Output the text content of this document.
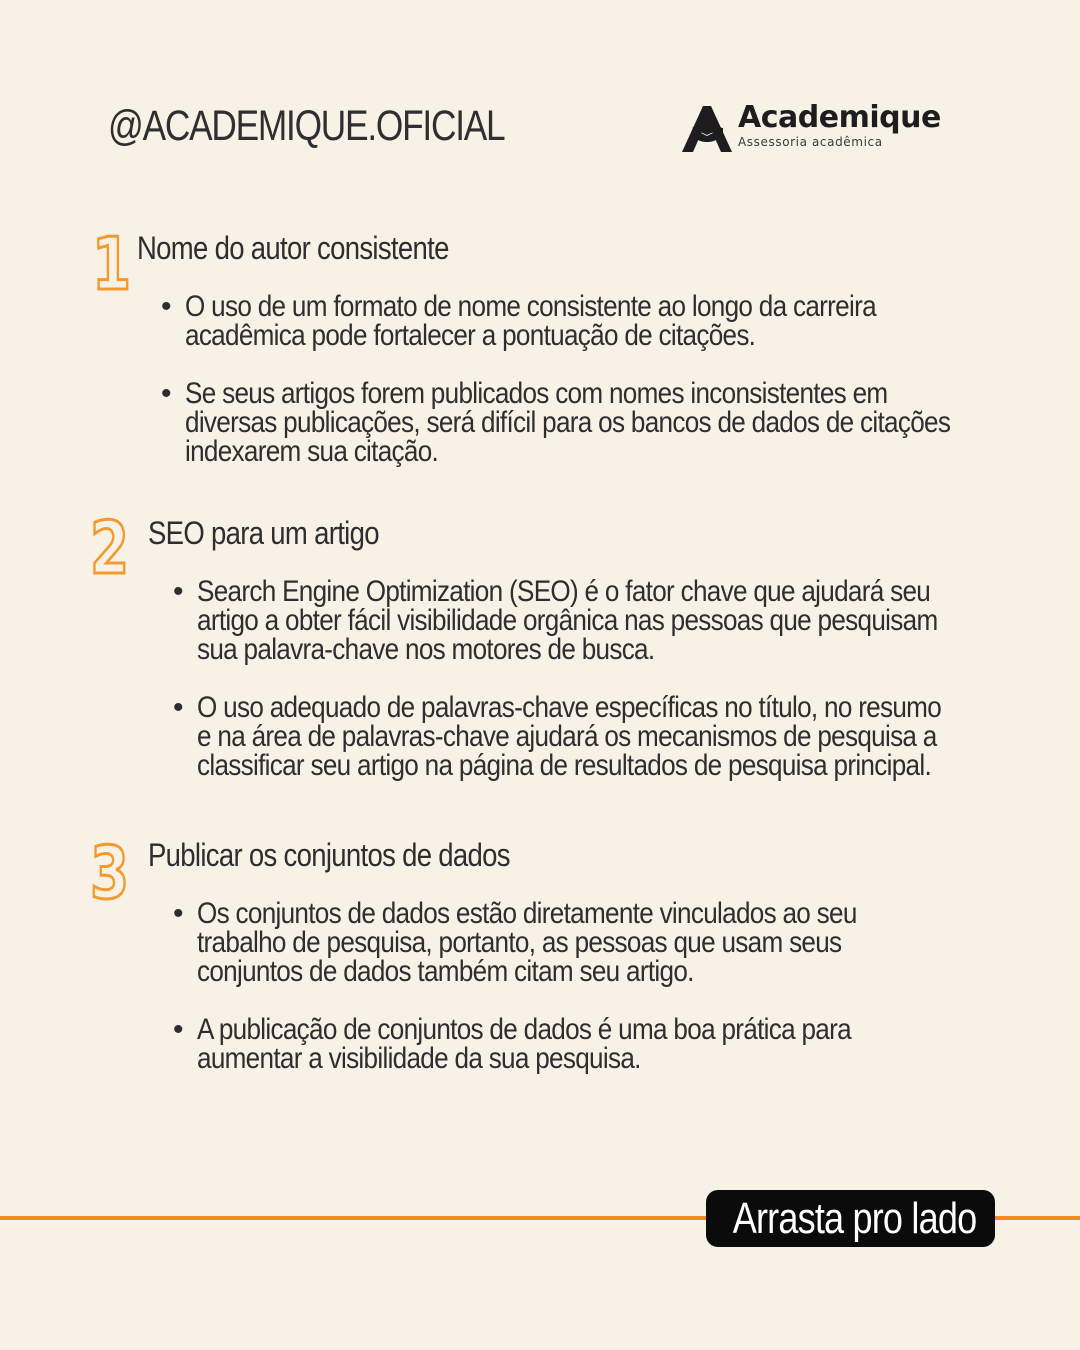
@ACADEMIQUE.OFICIAL	Academique
Assessoria acadêmica
1 Nome do autor consistente
• O uso de um formato de nome consistente ao longo da carreira
acadêmica pode fortalecer a pontuação de citações.
• Se seus artigos forem publicados com nomes inconsistentes em
diversas publicações, será difícil para os bancos de dados de citações
indexarem sua citação.
2 SEO para um artigo
• Search Engine Optimization (SEO) é o fator chave que ajudará seu
artigo a obter fácil visibilidade orgânica nas pessoas que pesquisam
sua palavra-chave nos motores de busca.
• O uso adequado de palavras-chave específicas no título, no resumo
e na área de palavras-chave ajudará os mecanismos de pesquisa a
classificar seu artigo na página de resultados de pesquisa principal.
3 Publicar os conjuntos de dados
• Os conjuntos de dados estão diretamente vinculados ao seu
trabalho de pesquisa, portanto, as pessoas que usam seus
conjuntos de dados também citam seu artigo.
• A publicação de conjuntos de dados é uma boa prática para
aumentar a visibilidade da sua pesquisa.
Arrasta pro lado
